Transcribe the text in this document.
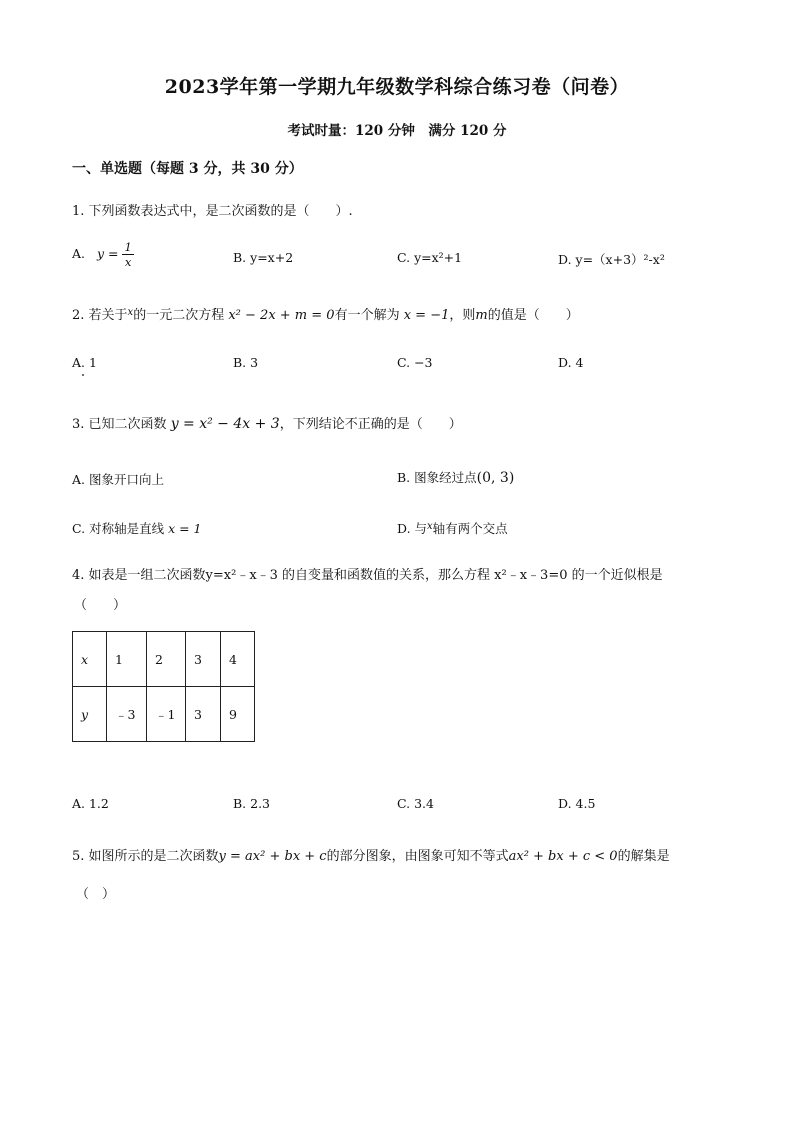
2023学年第一学期九年级数学科综合练习卷（问卷）
考试时量：120 分钟　满分 120 分
一、单选题（每题 3 分，共 30 分）
1. 下列函数表达式中，是二次函数的是（　　）.
A. $y = \frac{1}{x}$	B. y=x+2	C. y=x²+1	D. y=（x+3）²-x²
2. 若关于$^x$的一元二次方程 x² − 2x + m = 0有一个解为 x = −1，则m的值是（　　）
A. 1	B. 3	C. −3	D. 4
3. 已知二次函数 y = x² − 4x + 3，下列结论不正确的是（　　）
A. 图象开口向上	B. 图象经过点(0, 3)
C. 对称轴是直线 x = 1	D. 与$^x$轴有两个交点
4. 如表是一组二次函数y=x²﹣x﹣3 的自变量和函数值的关系，那么方程 x²﹣x﹣3=0 的一个近似根是
（　　）
x	1	2	3	4
y	﹣3	﹣1	3	9
A. 1.2	B. 2.3	C. 3.4	D. 4.5
5. 如图所示的是二次函数y = ax² + bx + c的部分图象，由图象可知不等式ax² + bx + c < 0的解集是
（　）
